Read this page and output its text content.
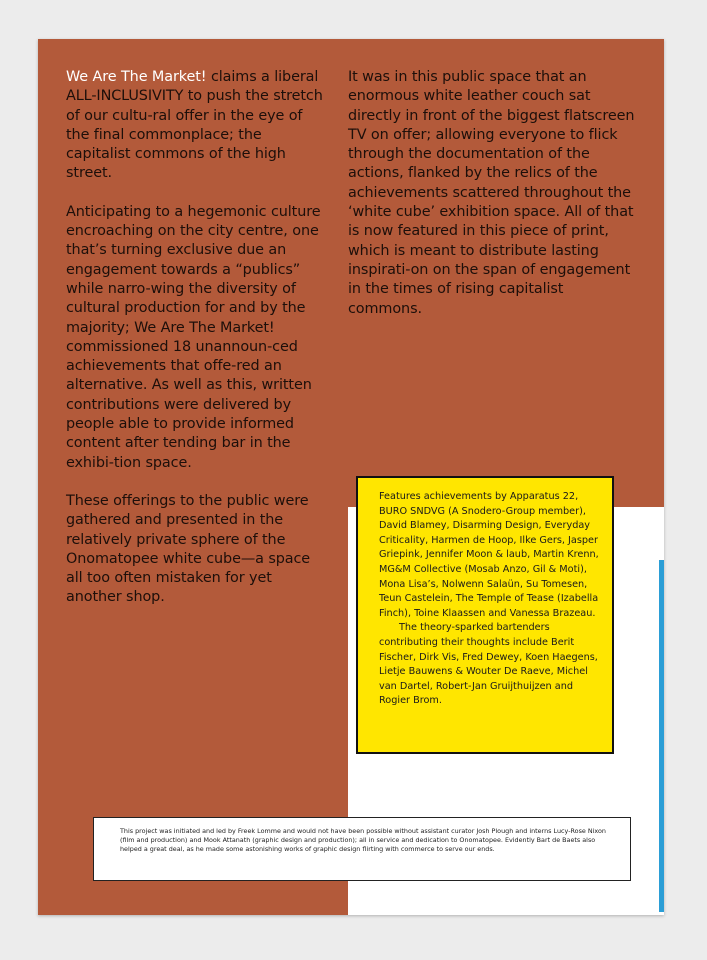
We Are The Market! claims a liberal ALL-INCLUSIVITY to push the stretch of our cultu-ral offer in the eye of the final commonplace; the capitalist commons of the high street.

Anticipating to a hegemonic culture encroaching on the city centre, one that’s turning exclusive due an engagement towards a “publics” while narro-wing the diversity of cultural production for and by the majority; We Are The Market! commissioned 18 unannoun-ced achievements that offe-red an alternative. As well as this, written contributions were delivered by people able to provide informed content after tending bar in the exhibi-tion space.

These offerings to the public were gathered and presented in the relatively private sphere of the Onomatopee white cube—a space all too often mistaken for yet another shop.

It was in this public space that an enormous white leather couch sat directly in front of the biggest flatscreen TV on offer; allowing everyone to flick through the documentation of the actions, flanked by the relics of the achievements scattered throughout the ‘white cube’ exhibition space. All of that is now featured in this piece of print, which is meant to distribute lasting inspirati-on on the span of engagement in the times of rising capitalist commons.

Features achievements by Apparatus 22, BURO SNDVG (A Snodero-Group member), David Blamey, Disarming Design, Everyday Criticality, Harmen de Hoop, Ilke Gers, Jasper Griepink, Jennifer Moon & laub, Martin Krenn, MG&M Collective (Mosab Anzo, Gil & Moti), Mona Lisa’s, Nolwenn Salaün, Su Tomesen, Teun Castelein, The Temple of Tease (Izabella Finch), Toine Klaassen and Vanessa Brazeau.

The theory-sparked bartenders contributing their thoughts include Berit Fischer, Dirk Vis, Fred Dewey, Koen Haegens, Lietje Bauwens & Wouter De Raeve, Michel van Dartel, Robert-Jan Gruijthuijzen and Rogier Brom.

This project was initiated and led by Freek Lomme and would not have been possible without assistant curator Josh Plough and interns Lucy-Rose Nixon (film and production) and Mook Attanath (graphic design and production); all in service and dedication to Onomatopee. Evidently Bart de Baets also helped a great deal, as he made some astonishing works of graphic design flirting with commerce to serve our ends.
